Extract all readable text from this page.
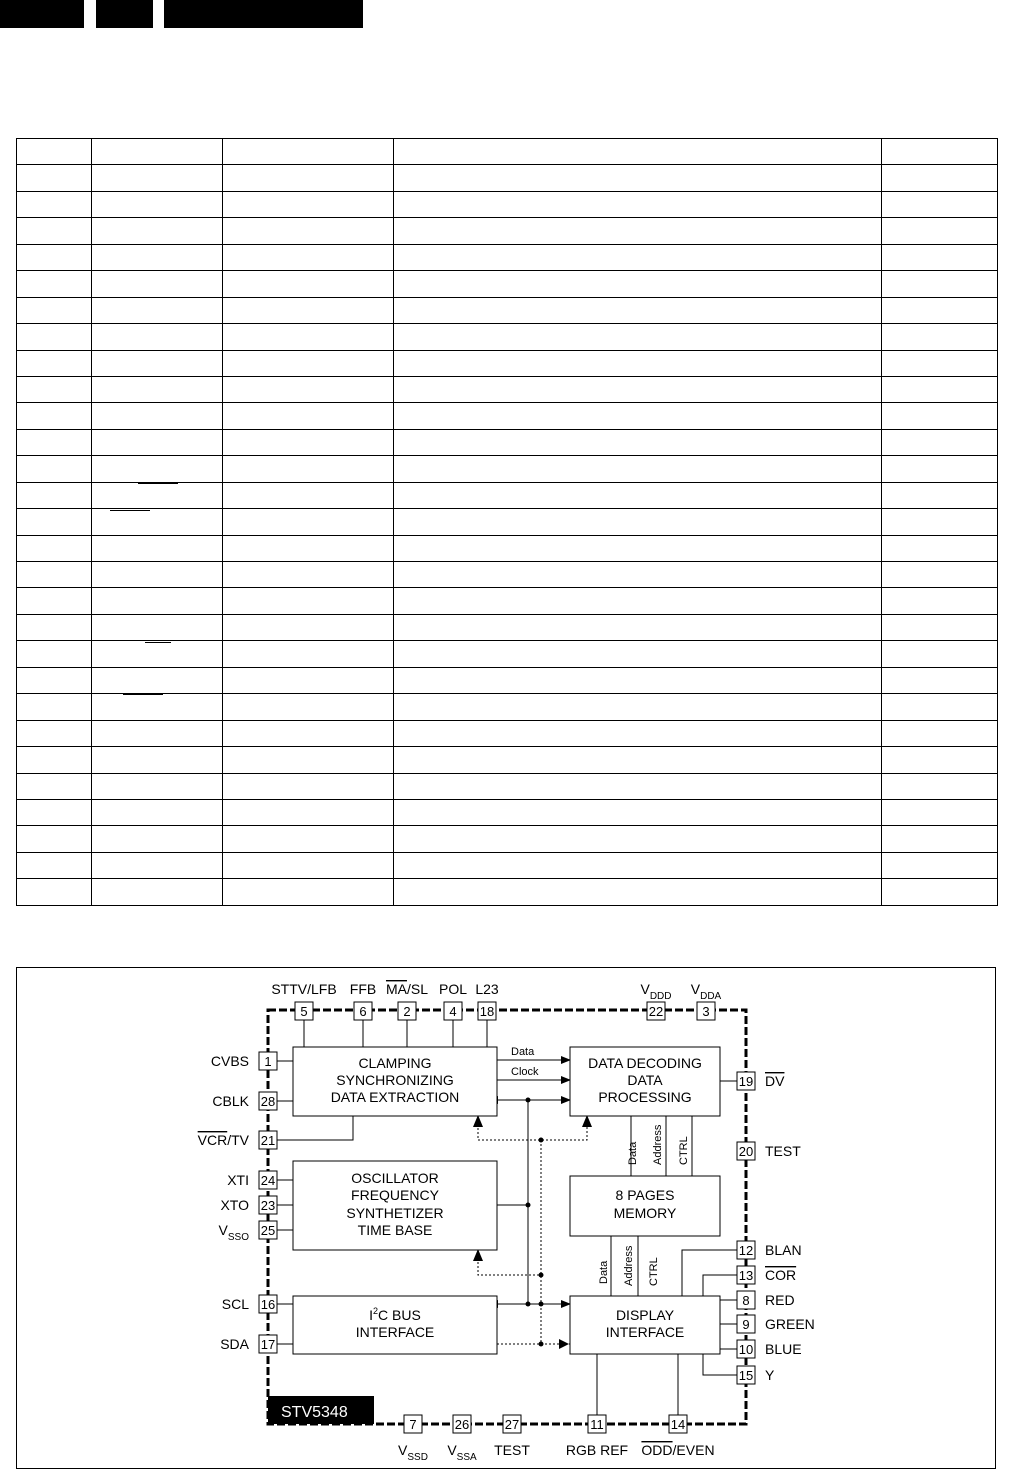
STV5348
CLAMPING
SYNCHRONIZING
DATA EXTRACTION
DATA DECODING
DATA
PROCESSING
OSCILLATOR
FREQUENCY
SYNTHETIZER
TIME BASE
8 PAGES
MEMORY
$I^2C$ BUS
INTERFACE
DISPLAY
INTERFACE
Data
Clock
Data Address CTRL
Data Address CTRL
5
STTV/LFB
6
FFB
2
MA/SL
4
POL
18
L23
22
$V_{DDD}$
3
$V_{DDA}$
1
CVBS
28
CBLK
21
VCR/TV
24
XTI
23
XTO
25
$V_{SSO}$
16
SCL
17
SDA
19 DV
20 TEST
12 BLAN
13 COR
8 RED
9 GREEN
10 BLUE
15 Y
7
$V_{SSD}$
26
$V_{SSA}$
27
TEST
11
RGB REF
14
ODD/EVEN
